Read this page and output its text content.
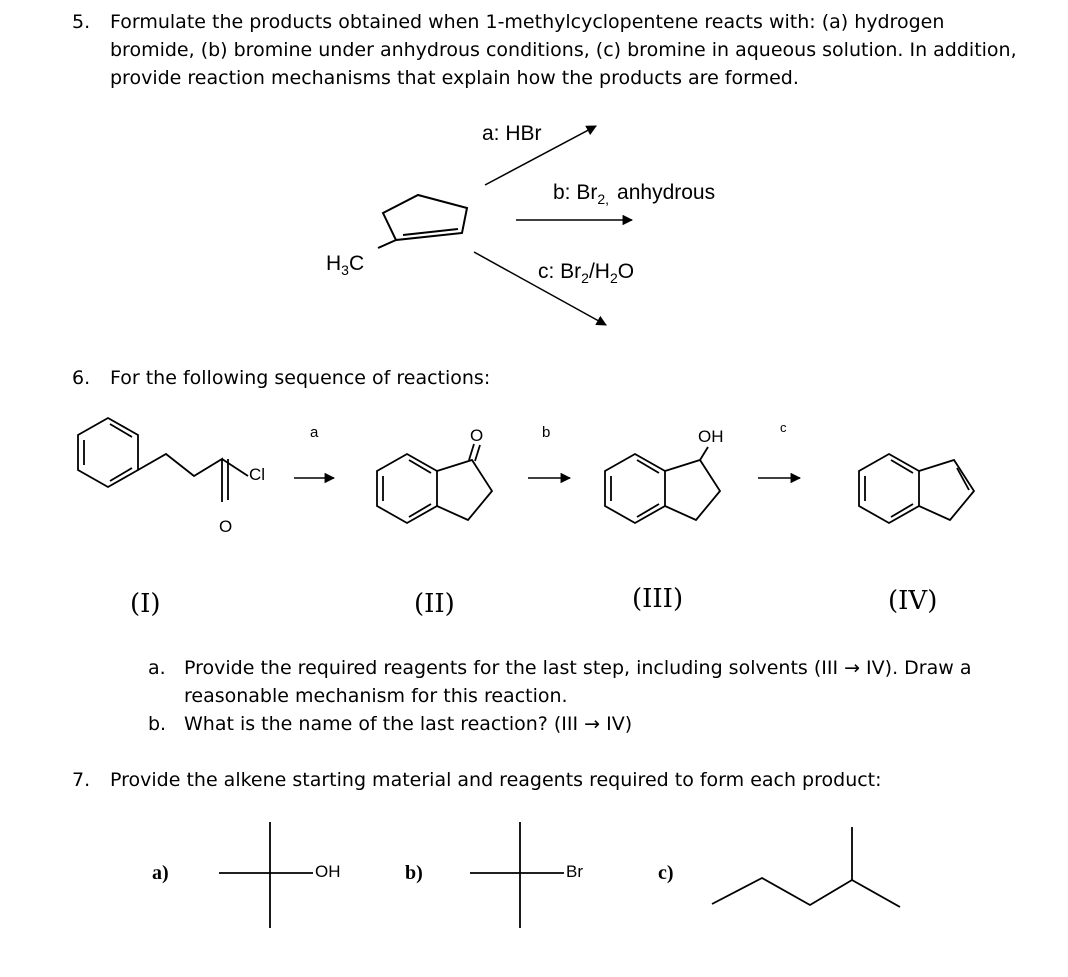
5. Formulate the products obtained when 1-methylcyclopentene reacts with: (a) hydrogen
bromide, (b) bromine under anhydrous conditions, (c) bromine in aqueous solution. In addition,
provide reaction mechanisms that explain how the products are formed.
6. For the following sequence of reactions:
$H_3C$
a: HBr
b: $Br_{2,}$ anhydrous
c: $Br_2/H_2O$
Cl
O
a	O	b	OH	c
(I)	(II)	(III)	(IV)
a. Provide the required reagents for the last step, including solvents (III → IV). Draw a
reasonable mechanism for this reaction.
b. What is the name of the last reaction? (III → IV)
7. Provide the alkene starting material and reagents required to form each product:
a)	OH	b)	Br	c)
